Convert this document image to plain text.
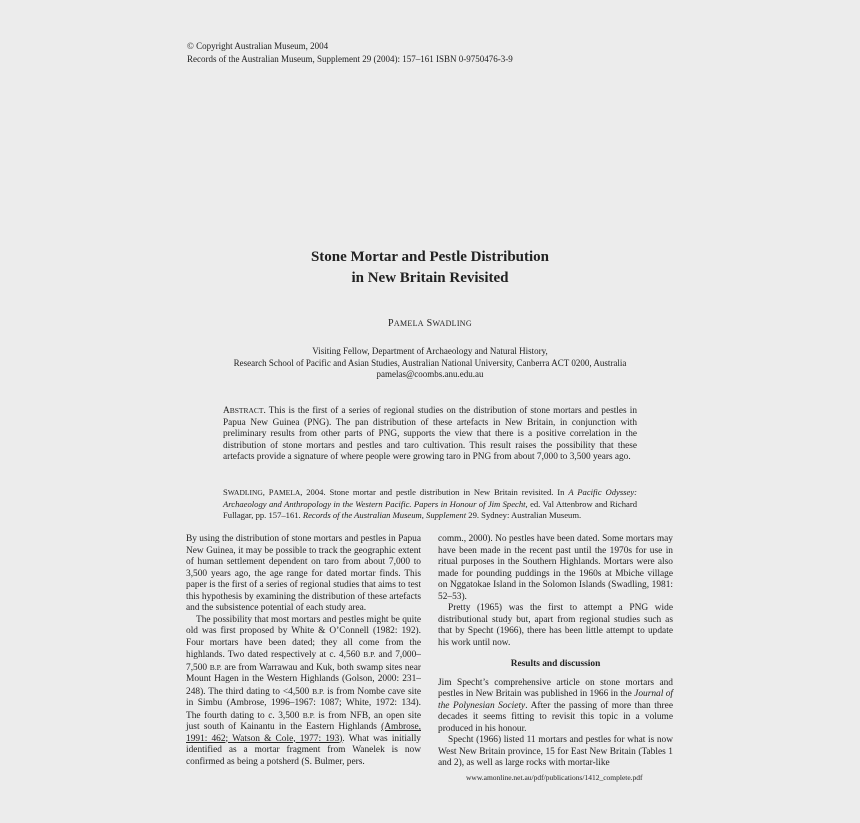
© Copyright Australian Museum, 2004
Records of the Australian Museum, Supplement 29 (2004): 157–161 ISBN 0-9750476-3-9
Stone Mortar and Pestle Distribution
in New Britain Revisited
PAMELA SWADLING
Visiting Fellow, Department of Archaeology and Natural History,
Research School of Pacific and Asian Studies, Australian National University, Canberra ACT 0200, Australia
pamelas@coombs.anu.edu.au
ABSTRACT. This is the first of a series of regional studies on the distribution of stone mortars and pestles in Papua New Guinea (PNG). The pan distribution of these artefacts in New Britain, in conjunction with preliminary results from other parts of PNG, supports the view that there is a positive correlation in the distribution of stone mortars and pestles and taro cultivation. This result raises the possibility that these artefacts provide a signature of where people were growing taro in PNG from about 7,000 to 3,500 years ago.
SWADLING, PAMELA, 2004. Stone mortar and pestle distribution in New Britain revisited. In A Pacific Odyssey: Archaeology and Anthropology in the Western Pacific. Papers in Honour of Jim Specht, ed. Val Attenbrow and Richard Fullagar, pp. 157–161. Records of the Australian Museum, Supplement 29. Sydney: Australian Museum.

By using the distribution of stone mortars and pestles in Papua New Guinea, it may be possible to track the geographic extent of human settlement dependent on taro from about 7,000 to 3,500 years ago, the age range for dated mortar finds. This paper is the first of a series of regional studies that aims to test this hypothesis by examining the distribution of these artefacts and the subsistence potential of each study area.

The possibility that most mortars and pestles might be quite old was first proposed by White & O’Connell (1982: 192). Four mortars have been dated; they all come from the highlands. Two dated respectively at c. 4,560 B.P. and 7,000–7,500 B.P. are from Warrawau and Kuk, both swamp sites near Mount Hagen in the Western Highlands (Golson, 2000: 231–248). The third dating to <4,500 B.P. is from Nombe cave site in Simbu (Ambrose, 1996–1967: 1087; White, 1972: 134). The fourth dating to c. 3,500 B.P. is from NFB, an open site just south of Kainantu in the Eastern Highlands (Ambrose, 1991: 462; Watson & Cole, 1977: 193). What was initially identified as a mortar fragment from Wanelek is now confirmed as being a potsherd (S. Bulmer, pers.

comm., 2000). No pestles have been dated. Some mortars may have been made in the recent past until the 1970s for use in ritual purposes in the Southern Highlands. Mortars were also made for pounding puddings in the 1960s at Mbiche village on Nggatokae Island in the Solomon Islands (Swadling, 1981: 52–53).

Pretty (1965) was the first to attempt a PNG wide distributional study but, apart from regional studies such as that by Specht (1966), there has been little attempt to update his work until now.

Results and discussion

Jim Specht’s comprehensive article on stone mortars and pestles in New Britain was published in 1966 in the Journal of the Polynesian Society. After the passing of more than three decades it seems fitting to revisit this topic in a volume produced in his honour.

Specht (1966) listed 11 mortars and pestles for what is now West New Britain province, 15 for East New Britain (Tables 1 and 2), as well as large rocks with mortar-like

www.amonline.net.au/pdf/publications/1412_complete.pdf
